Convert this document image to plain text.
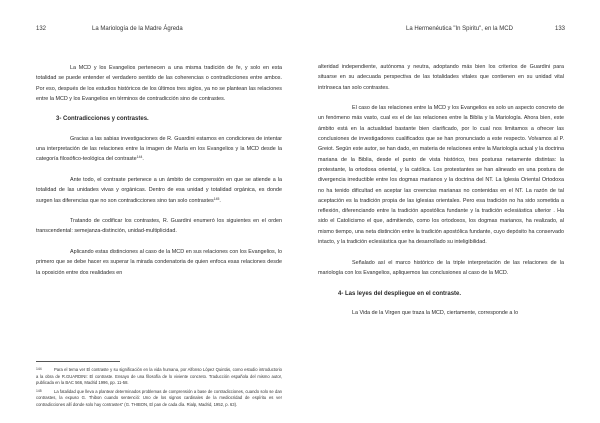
132	La Mariología de la Madre Ágreda

La MCD y los Evangelios pertenecen a una misma tradición de fe, y solo en esta totalidad se puede entender el verdadero sentido de las coherencias o contradicciones entre ambos. Por eso, después de los estudios históricos de los últimos tres siglos, ya no se plantean las relaciones entre la MCD y los Evangelios en términos de contradicción sino de contrastes.

3- Contradicciones y contrastes.

Gracias a las sabias investigaciones de R. Guardini estamos en condiciones de intentar una interpretación de las relaciones entre la imagen de María en los Evangelios y la MCD desde la categoría filosófico-teológica del contraste$^{144}$.

Ante todo, el contraste pertenece a un ámbito de comprensión en que se atiende a la totalidad de las unidades vivas y orgánicas. Dentro de esa unidad y totalidad orgánica, es donde surgen las diferencias que no son contradicciones sino tan solo contrastes$^{145}$.

Tratando de codificar los contrastes, R. Guardini enumeró los siguientes en el orden transcendental: semejanza-distinción, unidad-multiplicidad.

Aplicando estas distinciones al caso de la MCD en sus relaciones con los Evangelios, lo primero que se debe hacer es superar la mirada condenatoria de quien enfoca esas relaciones desde la oposición entre dos realidades en

144	Para el tema ver El contraste y su significación en la vida humana, por Alfonso López Quintás, como estudio introductorio a la obra de R.GUARDINI: El contraste. Ensayo de una filosofía de lo viviente concreto. Traducción española del mismo autor, publicada en la BAC 566, Madrid 1996, pp. 11-58.

145	La fatalidad que lleva a plantear determinados problemas de comprensión a base de contradicciones, cuando solo se dan contrastes, la expuso G. Thibon cuando sentenció: Uno de los signos cardinales de la mediocridad de espíritu es ver contradicciones allí donde solo hay contrastes" (G. THIBON, El pan de cada día. Rialp, Madrid, 1952, p. 63).

La Hermenéutica "In Spiritu", en la MCD	133

alteridad independiente, autónoma y neutra, adoptando más bien los criterios de Guardini para situarse en su adecuada perspectiva de las totalidades vitales que contienen en su unidad vital intrínseca tan solo contrastes.

El caso de las relaciones entre la MCD y los Evangelios es solo un aspecto concreto de un fenómeno más vasto, cual es el de las relaciones entre la Biblia y la Mariología. Ahora bien, este ámbito está en la actualidad bastante bien clarificado, por lo cual nos limitamos a ofrecer las conclusiones de investigadores cualificados que se han pronunciado a este respecto. Volvamos al P. Greiot. Según este autor, se han dado, en materia de relaciones entre la Mariología actual y la doctrina mariana de la Biblia, desde el punto de vista histórico, tres posturas netamente distintas: la protestante, la ortodoxa oriental, y la católica. Los protestantes se han alineado en una postura de divergencia irreductible entre los dogmas marianos y la doctrina del NT. La Iglesia Oriental Ortodoxa no ha tenido dificultad en aceptar las creencias marianas no contenidas en el NT. La razón de tal aceptación es la tradición propia de las iglesias orientales. Pero esa tradición no ha sido sometida a reflexión, diferenciando entre la tradición apostólica fundante y la tradición eclesiástica ulterior . Ha sido el Catolicismo el que, admitiendo, como los ortodoxos, los dogmas marianos, ha realizado, al mismo tiempo, una neta distinción entre la tradición apostólica fundante, cuyo depósito ha conservado intacto, y la tradición eclesiástica que ha desarrollado su inteligibilidad.

Señalado así el marco histórico de la triple interpretación de las relaciones de la mariología con los Evangelios, apliquemos las conclusiones al caso de la MCD.

4- Las leyes del despliegue en el contraste.

La Vida de la Virgen que traza la MCD, ciertamente, corresponde a lo
